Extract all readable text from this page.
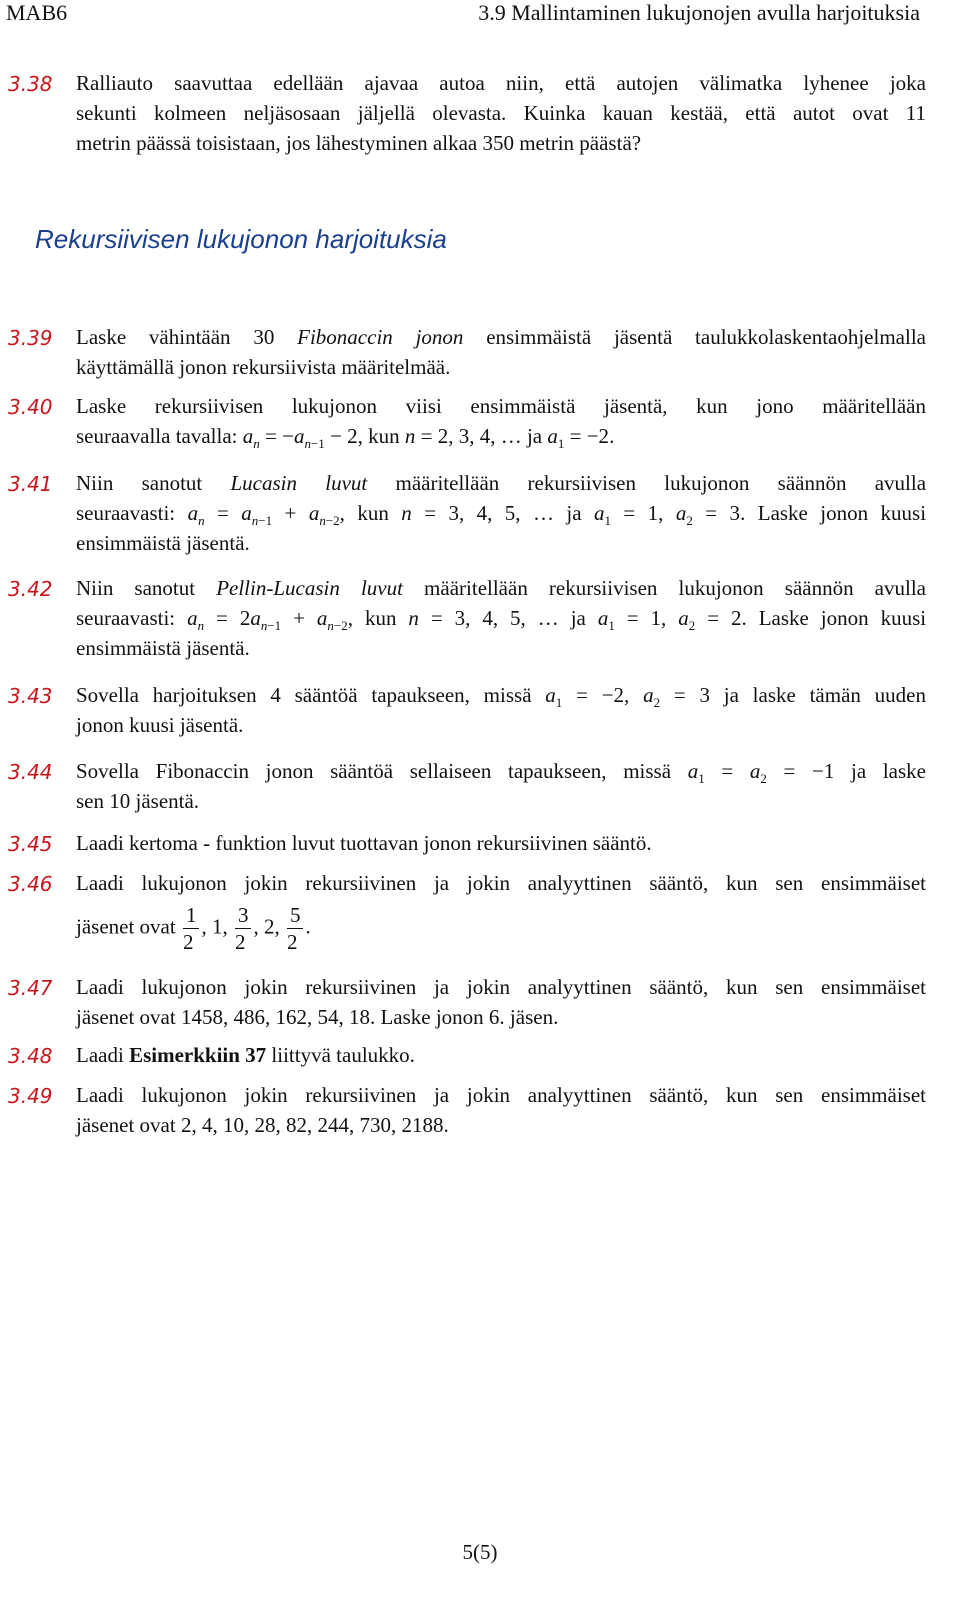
MAB6	3.9 Mallintaminen lukujonojen avulla harjoituksia
3.38 Ralliauto saavuttaa edellään ajavaa autoa niin, että autojen välimatka lyhenee joka
sekunti kolmeen neljäsosaan jäljellä olevasta. Kuinka kauan kestää, että autot ovat 11
metrin päässä toisistaan, jos lähestyminen alkaa 350 metrin päästä?
Rekursiivisen lukujonon harjoituksia
3.39 Laske vähintään 30 Fibonaccin jonon ensimmäistä jäsentä taulukkolaskentaohjelmalla
käyttämällä jonon rekursiivista määritelmää.
3.40 Laske rekursiivisen lukujonon viisi ensimmäistä jäsentä, kun jono määritellään
seuraavalla tavalla: $a_n = -a_{n-1} - 2$, kun n = 2, 3, 4, … ja $a_1 = -2$.
3.41 Niin sanotut Lucasin luvut määritellään rekursiivisen lukujonon säännön avulla
seuraavasti: $a_n = a_{n-1} + a_{n-2}$, kun n = 3, 4, 5, … ja $a_1 = 1$, $a_2 = 3$. Laske jonon kuusi
ensimmäistä jäsentä.
3.42 Niin sanotut Pellin-Lucasin luvut määritellään rekursiivisen lukujonon säännön avulla
seuraavasti: $a_n = 2a_{n-1} + a_{n-2}$, kun n = 3, 4, 5, … ja $a_1 = 1$, $a_2 = 2$. Laske jonon kuusi
ensimmäistä jäsentä.
3.43 Sovella harjoituksen 4 sääntöä tapaukseen, missä $a_1 = -2$, $a_2 = 3$ ja laske tämän uuden
jonon kuusi jäsentä.
3.44 Sovella Fibonaccin jonon sääntöä sellaiseen tapaukseen, missä $a_1 = a_2 = -1$ ja laske
sen 10 jäsentä.
3.45 Laadi kertoma - funktion luvut tuottavan jonon rekursiivinen sääntö.
3.46 Laadi lukujonon jokin rekursiivinen ja jokin analyyttinen sääntö, kun sen ensimmäiset
jäsenet ovat $\frac{1}{2}$ , 1, $\frac{3}{2}$ , 2, $\frac{5}{2}$ .
3.47 Laadi lukujonon jokin rekursiivinen ja jokin analyyttinen sääntö, kun sen ensimmäiset
jäsenet ovat 1458, 486, 162, 54, 18. Laske jonon 6. jäsen.
3.48 Laadi Esimerkkiin 37 liittyvä taulukko.
3.49 Laadi lukujonon jokin rekursiivinen ja jokin analyyttinen sääntö, kun sen ensimmäiset
jäsenet ovat 2, 4, 10, 28, 82, 244, 730, 2188.
5(5)
